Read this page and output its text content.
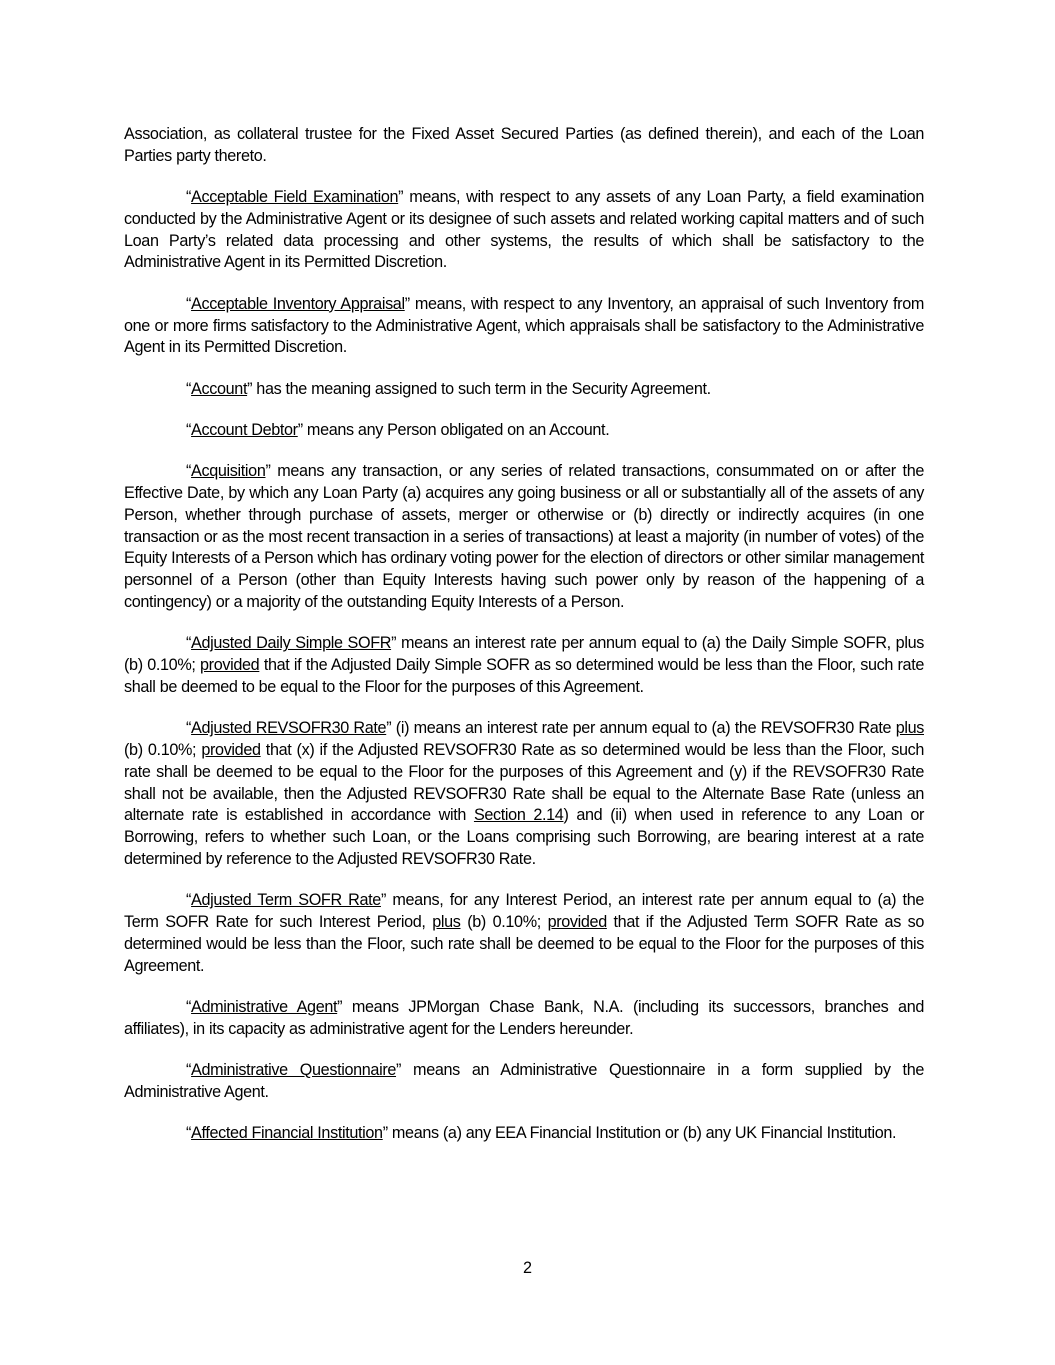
Association, as collateral trustee for the Fixed Asset Secured Parties (as defined therein), and each of the Loan Parties party thereto.

“Acceptable Field Examination” means, with respect to any assets of any Loan Party, a field examination conducted by the Administrative Agent or its designee of such assets and related working capital matters and of such Loan Party’s related data processing and other systems, the results of which shall be satisfactory to the Administrative Agent in its Permitted Discretion.

“Acceptable Inventory Appraisal” means, with respect to any Inventory, an appraisal of such Inventory from one or more firms satisfactory to the Administrative Agent, which appraisals shall be satisfactory to the Administrative Agent in its Permitted Discretion.

“Account” has the meaning assigned to such term in the Security Agreement.

“Account Debtor” means any Person obligated on an Account.

“Acquisition” means any transaction, or any series of related transactions, consummated on or after the Effective Date, by which any Loan Party (a) acquires any going business or all or substantially all of the assets of any Person, whether through purchase of assets, merger or otherwise or (b) directly or indirectly acquires (in one transaction or as the most recent transaction in a series of transactions) at least a majority (in number of votes) of the Equity Interests of a Person which has ordinary voting power for the election of directors or other similar management personnel of a Person (other than Equity Interests having such power only by reason of the happening of a contingency) or a majority of the outstanding Equity Interests of a Person.

“Adjusted Daily Simple SOFR” means an interest rate per annum equal to (a) the Daily Simple SOFR, plus (b) 0.10%; provided that if the Adjusted Daily Simple SOFR as so determined would be less than the Floor, such rate shall be deemed to be equal to the Floor for the purposes of this Agreement.

“Adjusted REVSOFR30 Rate” (i) means an interest rate per annum equal to (a) the REVSOFR30 Rate plus (b) 0.10%; provided that (x) if the Adjusted REVSOFR30 Rate as so determined would be less than the Floor, such rate shall be deemed to be equal to the Floor for the purposes of this Agreement and (y) if the REVSOFR30 Rate shall not be available, then the Adjusted REVSOFR30 Rate shall be equal to the Alternate Base Rate (unless an alternate rate is established in accordance with Section 2.14) and (ii) when used in reference to any Loan or Borrowing, refers to whether such Loan, or the Loans comprising such Borrowing, are bearing interest at a rate determined by reference to the Adjusted REVSOFR30 Rate.

“Adjusted Term SOFR Rate” means, for any Interest Period, an interest rate per annum equal to (a) the Term SOFR Rate for such Interest Period, plus (b) 0.10%; provided that if the Adjusted Term SOFR Rate as so determined would be less than the Floor, such rate shall be deemed to be equal to the Floor for the purposes of this Agreement.

“Administrative Agent” means JPMorgan Chase Bank, N.A. (including its successors, branches and affiliates), in its capacity as administrative agent for the Lenders hereunder.

“Administrative Questionnaire” means an Administrative Questionnaire in a form supplied by the Administrative Agent.

“Affected Financial Institution” means (a) any EEA Financial Institution or (b) any UK Financial Institution.

2
